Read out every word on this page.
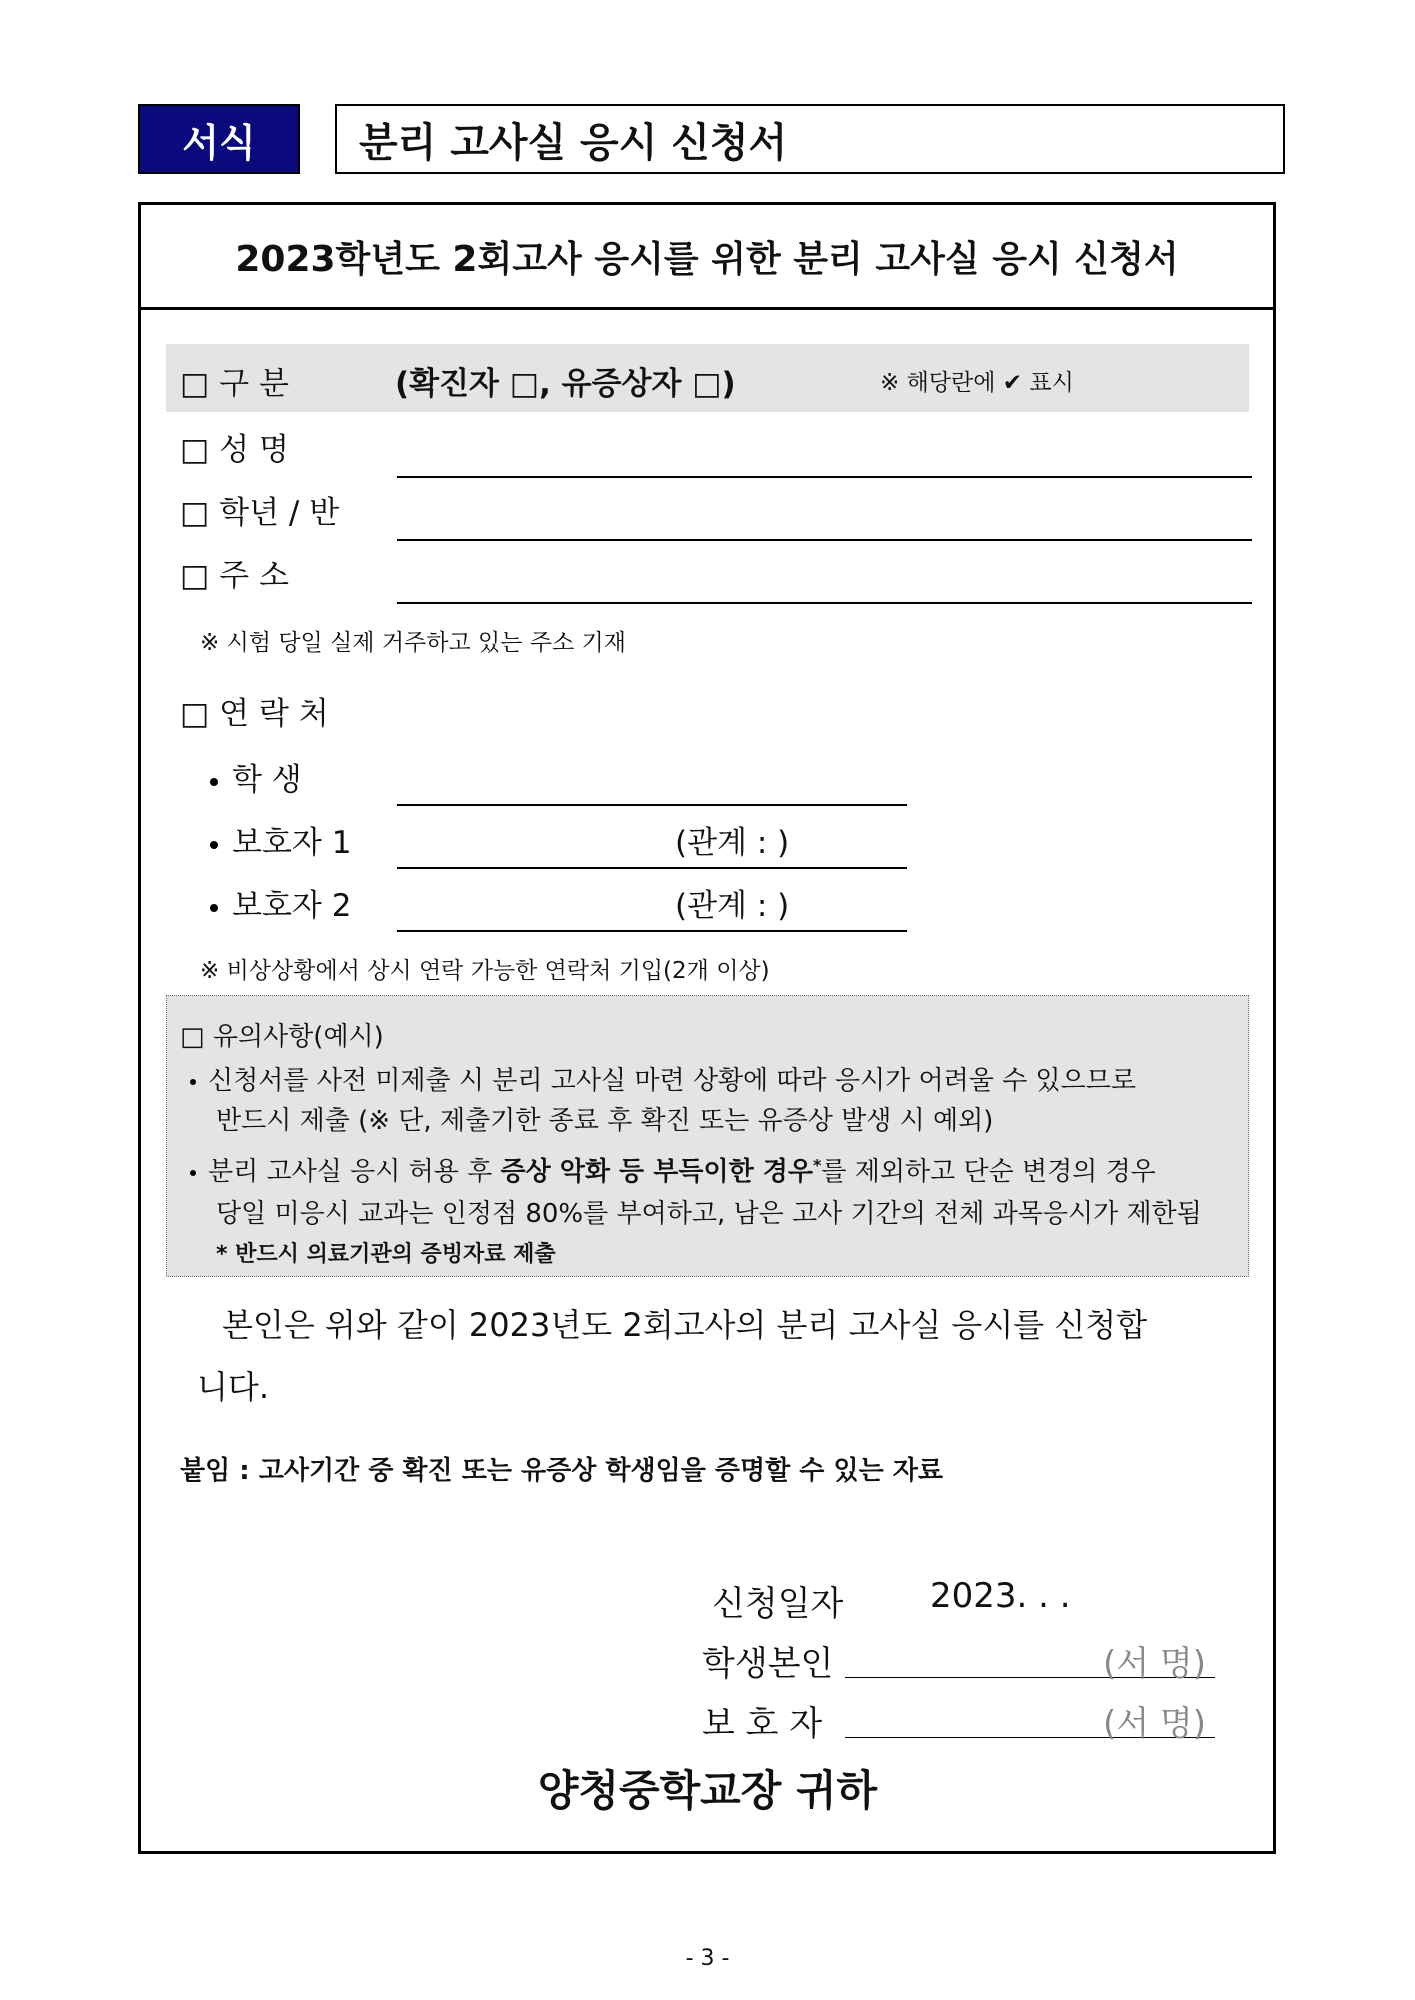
서식	분리 고사실 응시 신청서
2023학년도 2회고사 응시를 위한 분리 고사실 응시 신청서
□ 구 분	(확진자 □, 유증상자 □)	※ 해당란에 ✔ 표시
□ 성 명
□ 학년 / 반
□ 주 소
※ 시험 당일 실제 거주하고 있는 주소 기재
□ 연 락 처
학 생
보호자 1	(관계 : )
보호자 2	(관계 : )
※ 비상상황에서 상시 연락 가능한 연락처 기입(2개 이상)
□ 유의사항(예시)
신청서를 사전 미제출 시 분리 고사실 마련 상황에 따라 응시가 어려울 수 있으므로
반드시 제출 (※ 단, 제출기한 종료 후 확진 또는 유증상 발생 시 예외)
분리 고사실 응시 허용 후 증상 악화 등 부득이한 경우*를 제외하고 단순 변경의 경우
당일 미응시 교과는 인정점 80%를 부여하고, 남은 고사 기간의 전체 과목응시가 제한됨
* 반드시 의료기관의 증빙자료 제출
본인은 위와 같이 2023년도 2회고사의 분리 고사실 응시를 신청합
니다.
붙임 : 고사기간 중 확진 또는 유증상 학생임을 증명할 수 있는 자료
신청일자	2023. . .
학생본인	(서 명)
보 호 자	(서 명)
양청중학교장 귀하
- 3 -
